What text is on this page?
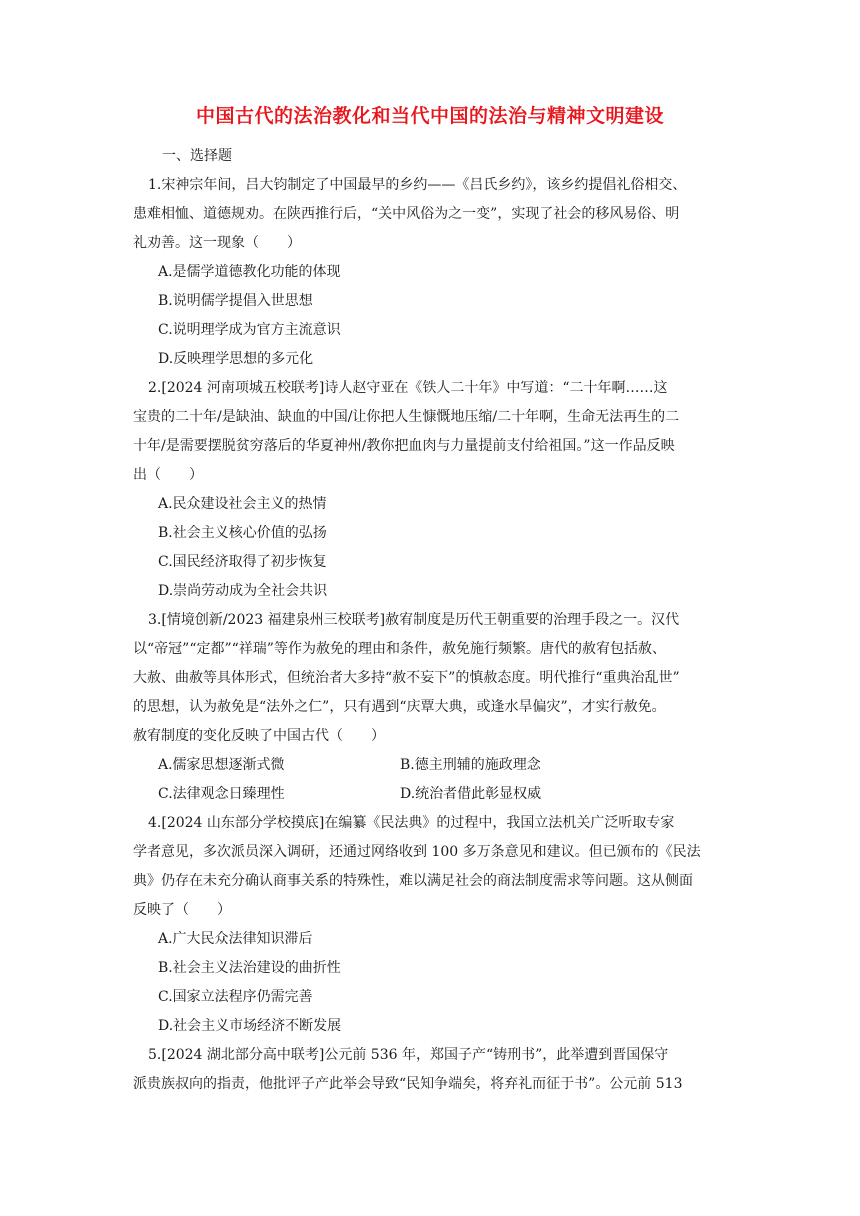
中国古代的法治教化和当代中国的法治与精神文明建设
一、选择题
1.宋神宗年间，吕大钧制定了中国最早的乡约——《吕氏乡约》，该乡约提倡礼俗相交、
患难相恤、道德规劝。在陕西推行后，“关中风俗为之一变”，实现了社会的移风易俗、明
礼劝善。这一现象（　　）
A.是儒学道德教化功能的体现
B.说明儒学提倡入世思想
C.说明理学成为官方主流意识
D.反映理学思想的多元化
2.[2024 河南项城五校联考]诗人赵守亚在《铁人二十年》中写道：“二十年啊……这
宝贵的二十年/是缺油、缺血的中国/让你把人生慷慨地压缩/二十年啊，生命无法再生的二
十年/是需要摆脱贫穷落后的华夏神州/教你把血肉与力量提前支付给祖国。”这一作品反映
出（　　）
A.民众建设社会主义的热情
B.社会主义核心价值的弘扬
C.国民经济取得了初步恢复
D.崇尚劳动成为全社会共识
3.[情境创新/2023 福建泉州三校联考]赦宥制度是历代王朝重要的治理手段之一。汉代
以“帝冠”“定都”“祥瑞”等作为赦免的理由和条件，赦免施行频繁。唐代的赦宥包括赦、
大赦、曲赦等具体形式，但统治者大多持“赦不妄下”的慎赦态度。明代推行“重典治乱世”
的思想，认为赦免是“法外之仁”，只有遇到“庆覃大典，或逢水旱偏灾”，才实行赦免。
赦宥制度的变化反映了中国古代（　　）
A.儒家思想逐渐式微	B.德主刑辅的施政理念
C.法律观念日臻理性	D.统治者借此彰显权威
4.[2024 山东部分学校摸底]在编纂《民法典》的过程中，我国立法机关广泛听取专家
学者意见，多次派员深入调研，还通过网络收到 100 多万条意见和建议。但已颁布的《民法
典》仍存在未充分确认商事关系的特殊性，难以满足社会的商法制度需求等问题。这从侧面
反映了（　　）
A.广大民众法律知识滞后
B.社会主义法治建设的曲折性
C.国家立法程序仍需完善
D.社会主义市场经济不断发展
5.[2024 湖北部分高中联考]公元前 536 年，郑国子产“铸刑书”，此举遭到晋国保守
派贵族叔向的指责，他批评子产此举会导致“民知争端矣，将弃礼而征于书”。公元前 513
